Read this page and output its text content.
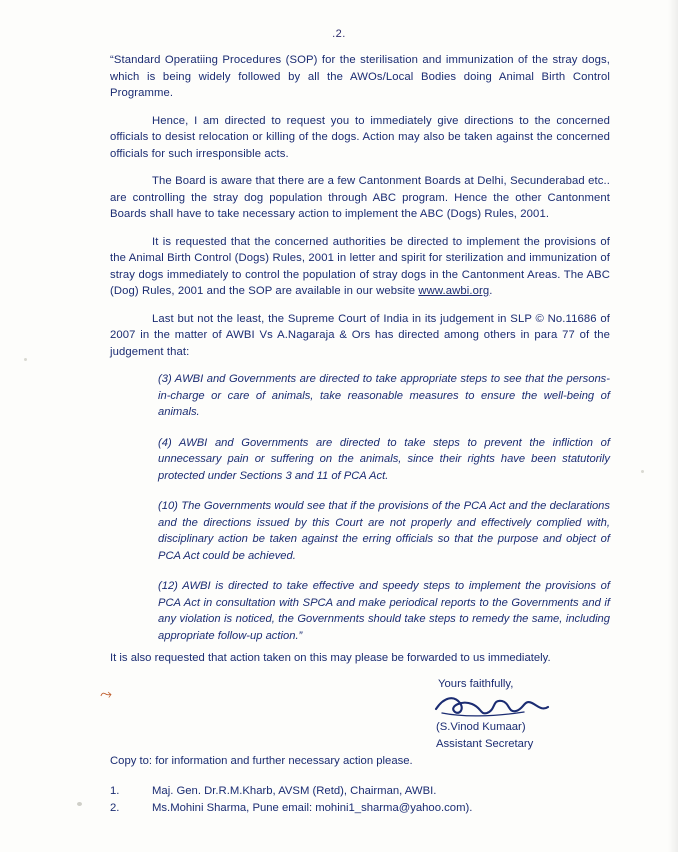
.2.

“Standard Operatiing Procedures (SOP) for the sterilisation and immunization of the stray dogs, which is being widely followed by all the AWOs/Local Bodies doing Animal Birth Control Programme.

Hence, I am directed to request you to immediately give directions to the concerned officials to desist relocation or killing of the dogs. Action may also be taken against the concerned officials for such irresponsible acts.

The Board is aware that there are a few Cantonment Boards at Delhi, Secunderabad etc.. are controlling the stray dog population through ABC program. Hence the other Cantonment Boards shall have to take necessary action to implement the ABC (Dogs) Rules, 2001.

It is requested that the concerned authorities be directed to implement the provisions of the Animal Birth Control (Dogs) Rules, 2001 in letter and spirit for sterilization and immunization of stray dogs immediately to control the population of stray dogs in the Cantonment Areas. The ABC (Dog) Rules, 2001 and the SOP are available in our website www.awbi.org.

Last but not the least, the Supreme Court of India in its judgement in SLP © No.11686 of 2007 in the matter of AWBI Vs A.Nagaraja & Ors has directed among others in para 77 of the judgement that:

(3) AWBI and Governments are directed to take appropriate steps to see that the persons-in-charge or care of animals, take reasonable measures to ensure the well-being of animals.

(4) AWBI and Governments are directed to take steps to prevent the infliction of unnecessary pain or suffering on the animals, since their rights have been statutorily protected under Sections 3 and 11 of PCA Act.

(10) The Governments would see that if the provisions of the PCA Act and the declarations and the directions issued by this Court are not properly and effectively complied with, disciplinary action be taken against the erring officials so that the purpose and object of PCA Act could be achieved.

(12) AWBI is directed to take effective and speedy steps to implement the provisions of PCA Act in consultation with SPCA and make periodical reports to the Governments and if any violation is noticed, the Governments should take steps to remedy the same, including appropriate follow-up action.”

It is also requested that action taken on this may please be forwarded to us immediately.
Yours faithfully,
(S.Vinod Kumaar)
Assistant Secretary
⤳
Copy to: for information and further necessary action please.
1.	Maj. Gen. Dr.R.M.Kharb, AVSM (Retd), Chairman, AWBI.
2.	Ms.Mohini Sharma, Pune email: mohini1_sharma@yahoo.com).
